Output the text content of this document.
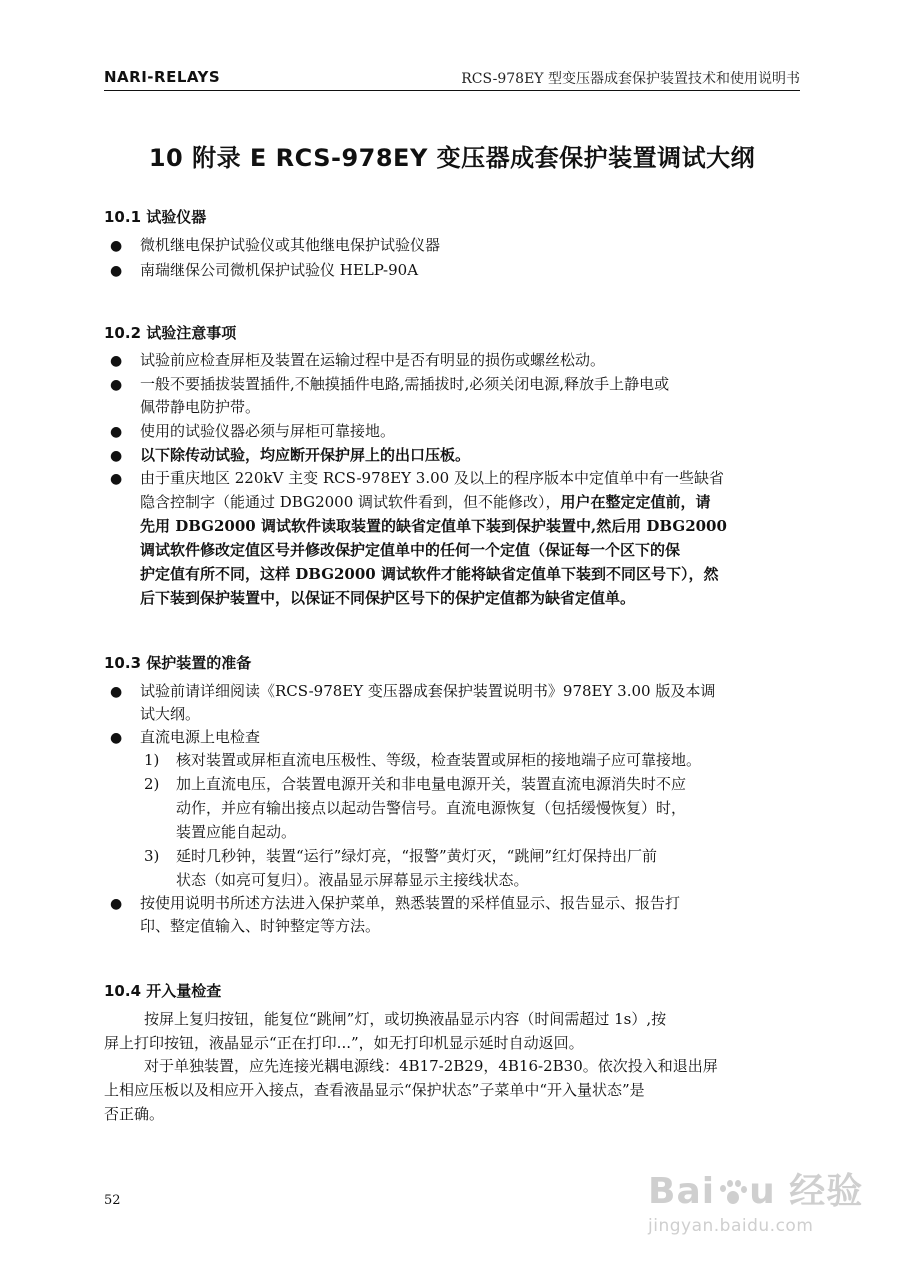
NARI-RELAYS	RCS-978EY 型变压器成套保护装置技术和使用说明书
10 附录 E RCS-978EY 变压器成套保护装置调试大纲
10.1 试验仪器
● 微机继电保护试验仪或其他继电保护试验仪器
● 南瑞继保公司微机保护试验仪 HELP-90A
10.2 试验注意事项
● 试验前应检查屏柜及装置在运输过程中是否有明显的损伤或螺丝松动。
● 一般不要插拔装置插件,不触摸插件电路,需插拔时,必须关闭电源,释放手上静电或
佩带静电防护带。
● 使用的试验仪器必须与屏柜可靠接地。
● 以下除传动试验，均应断开保护屏上的出口压板。
● 由于重庆地区 220kV 主变 RCS-978EY 3.00 及以上的程序版本中定值单中有一些缺省
隐含控制字（能通过 DBG2000 调试软件看到，但不能修改），用户在整定定值前，请
先用 DBG2000 调试软件读取装置的缺省定值单下装到保护装置中,然后用 DBG2000
调试软件修改定值区号并修改保护定值单中的任何一个定值（保证每一个区下的保
护定值有所不同，这样 DBG2000 调试软件才能将缺省定值单下装到不同区号下），然
后下装到保护装置中，以保证不同保护区号下的保护定值都为缺省定值单。
10.3 保护装置的准备
● 试验前请详细阅读《RCS-978EY 变压器成套保护装置说明书》978EY 3.00 版及本调
试大纲。
● 直流电源上电检查
1) 核对装置或屏柜直流电压极性、等级，检查装置或屏柜的接地端子应可靠接地。
2) 加上直流电压，合装置电源开关和非电量电源开关，装置直流电源消失时不应
动作，并应有输出接点以起动告警信号。直流电源恢复（包括缓慢恢复）时，
装置应能自起动。
3) 延时几秒钟，装置“运行”绿灯亮，“报警”黄灯灭，“跳闸”红灯保持出厂前
状态（如亮可复归）。液晶显示屏幕显示主接线状态。
● 按使用说明书所述方法进入保护菜单，熟悉装置的采样值显示、报告显示、报告打
印、整定值输入、时钟整定等方法。
10.4 开入量检查
按屏上复归按钮，能复位“跳闸”灯，或切换液晶显示内容（时间需超过 1s）,按
屏上打印按钮，液晶显示“正在打印...”，如无打印机显示延时自动返回。
对于单独装置，应先连接光耦电源线：4B17-2B29，4B16-2B30。依次投入和退出屏
上相应压板以及相应开入接点，查看液晶显示“保护状态”子菜单中“开入量状态”是
否正确。
52	Bai u 经验
jingyan.baidu.com
